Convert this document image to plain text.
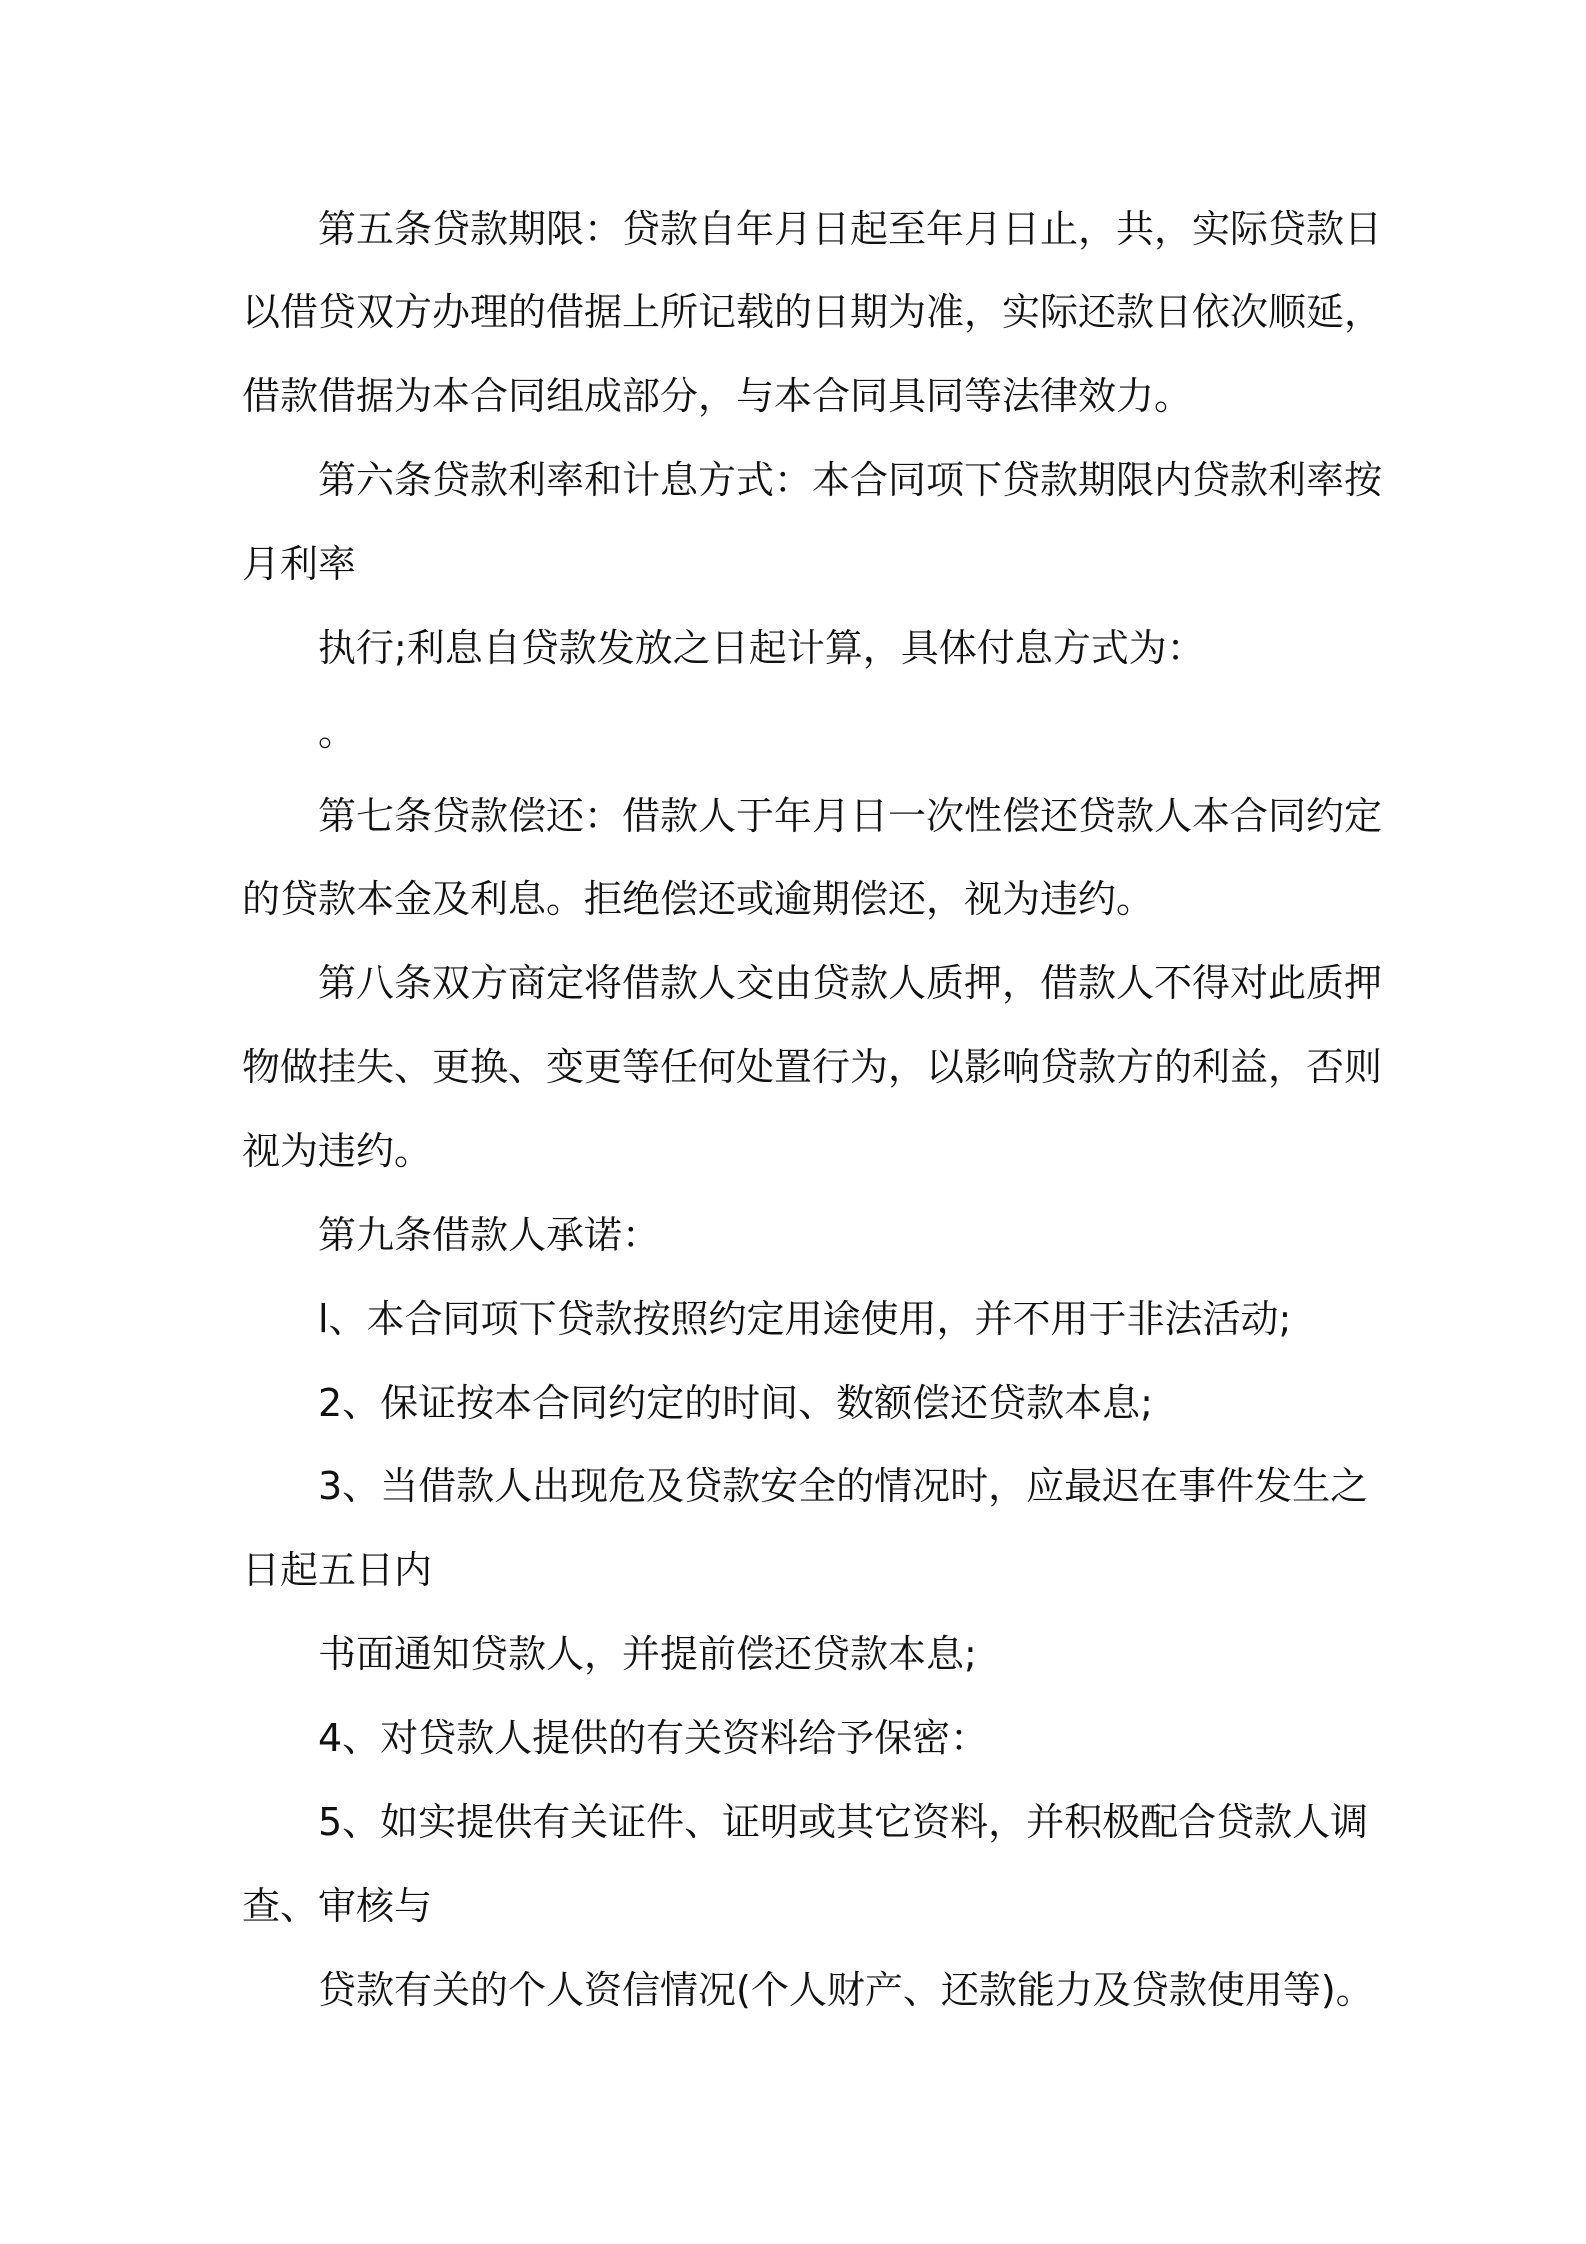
第五条贷款期限：贷款自年月日起至年月日止，共，实际贷款日
以借贷双方办理的借据上所记载的日期为准，实际还款日依次顺延，
借款借据为本合同组成部分，与本合同具同等法律效力。
第六条贷款利率和计息方式：本合同项下贷款期限内贷款利率按
月利率
执行;利息自贷款发放之日起计算，具体付息方式为：
。
第七条贷款偿还：借款人于年月日一次性偿还贷款人本合同约定
的贷款本金及利息。拒绝偿还或逾期偿还，视为违约。
第八条双方商定将借款人交由贷款人质押，借款人不得对此质押
物做挂失、更换、变更等任何处置行为，以影响贷款方的利益，否则
视为违约。
第九条借款人承诺：
l、本合同项下贷款按照约定用途使用，并不用于非法活动;
2、保证按本合同约定的时间、数额偿还贷款本息;
3、当借款人出现危及贷款安全的情况时，应最迟在事件发生之
日起五日内
书面通知贷款人，并提前偿还贷款本息;
4、对贷款人提供的有关资料给予保密：
5、如实提供有关证件、证明或其它资料，并积极配合贷款人调
查、审核与
贷款有关的个人资信情况(个人财产、还款能力及贷款使用等)。
